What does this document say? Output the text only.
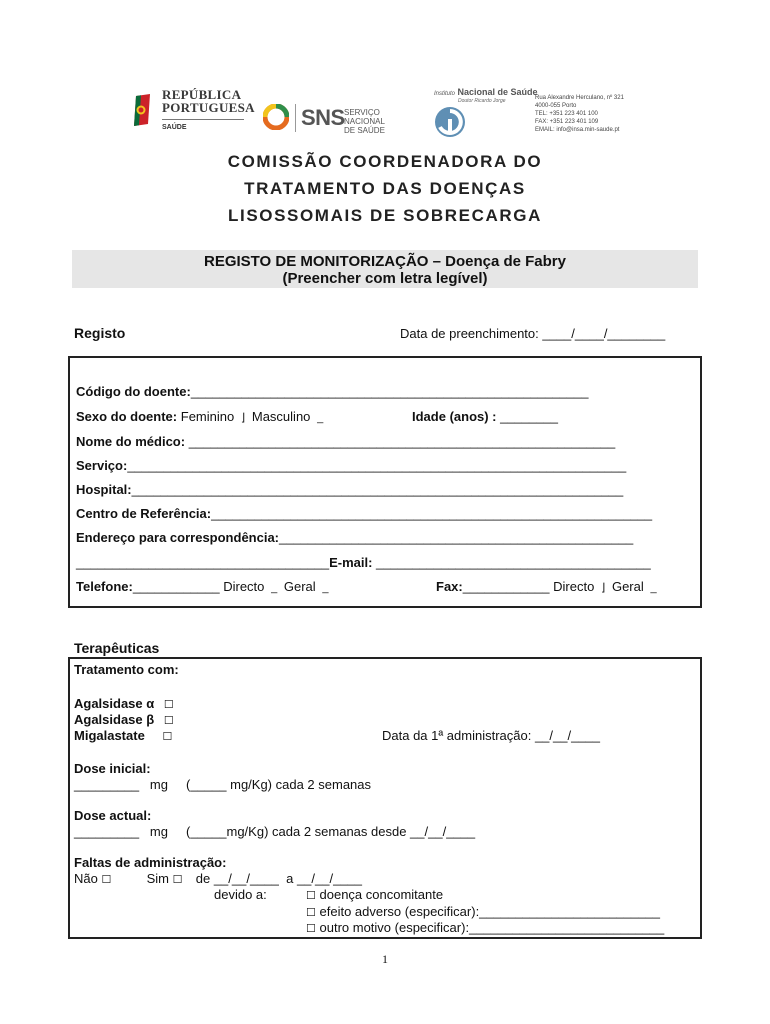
REPÚBLICA
PORTUGUESA
SAÚDE	SNS SERVIÇO NACIONAL
DE SAÚDE
Instituto Nacional de Saúde
Doutor Ricardo Jorge	Rua Alexandre Herculano, nº 321
4000-055 Porto
TEL: +351 223 401 100
FAX: +351 223 401 109
EMAIL: info@insa.min-saude.pt
COMISSÃO COORDENADORA DO
TRATAMENTO DAS DOENÇAS
LISOSSOMAIS DE SOBRECARGA
REGISTO DE MONITORIZAÇÃO – Doença de Fabry
(Preencher com letra legível)
Registo	Data de preenchimento: ____/____/________
Código do doente:_______________________________________________________
Sexo do doente: Feminino  ⌋  Masculino  _	Idade (anos) : ________
Nome do médico: ___________________________________________________________
Serviço:_____________________________________________________________________
Hospital:____________________________________________________________________
Centro de Referência:_____________________________________________________________
Endereço para correspondência:_________________________________________________
___________________________________E-mail: ______________________________________
Telefone:____________ Directo  _  Geral  _	Fax:____________ Directo  ⌋  Geral  _
Terapêuticas
Tratamento com:
Agalsidase α ☐
Agalsidase β ☐
Migalastate ☐	Data da 1ª administração: __/__/____
Dose inicial:
_________   mg     (_____ mg/Kg) cada 2 semanas
Dose actual:
_________   mg     (_____mg/Kg) cada 2 semanas desde __/__/____
Faltas de administração:
Não ☐	Sim ☐ de __/__/____  a __/__/____
devido a:	☐ doença concomitante
☐ efeito adverso (especificar):_________________________
☐ outro motivo (especificar):___________________________
1
